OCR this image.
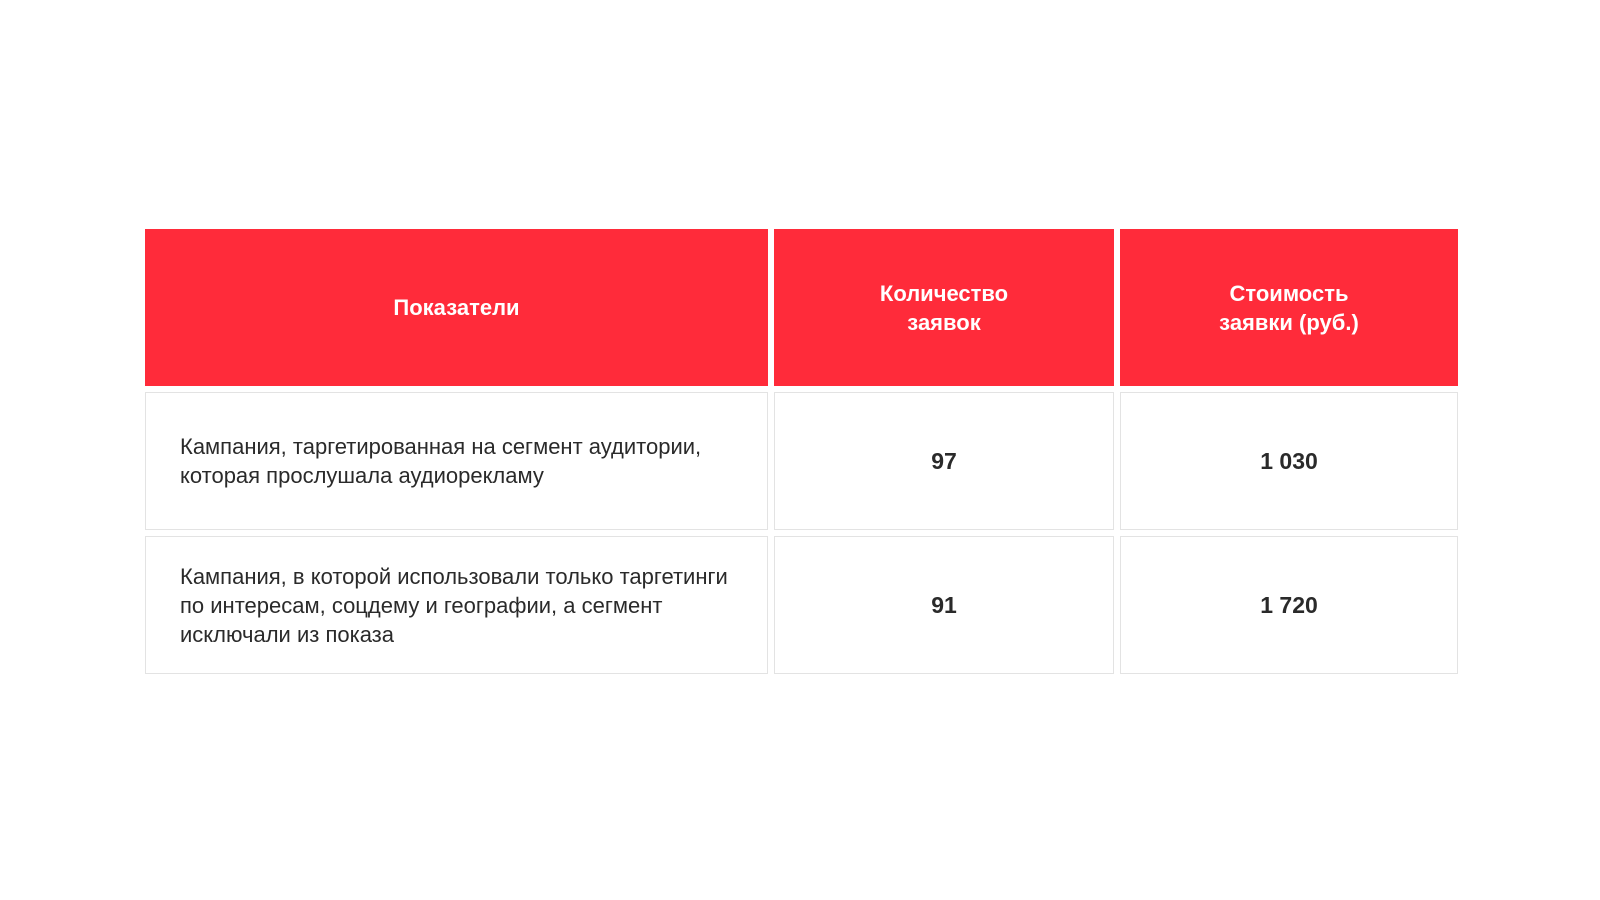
Показатели
Количество заявок
Стоимость заявки (руб.)
Кампания, таргетированная на сегмент аудитории, которая прослушала аудиорекламу
97	1 030
Кампания, в которой использовали только таргетинги по интересам, соцдему и географии, а сегмент исключали из показа
91	1 720
